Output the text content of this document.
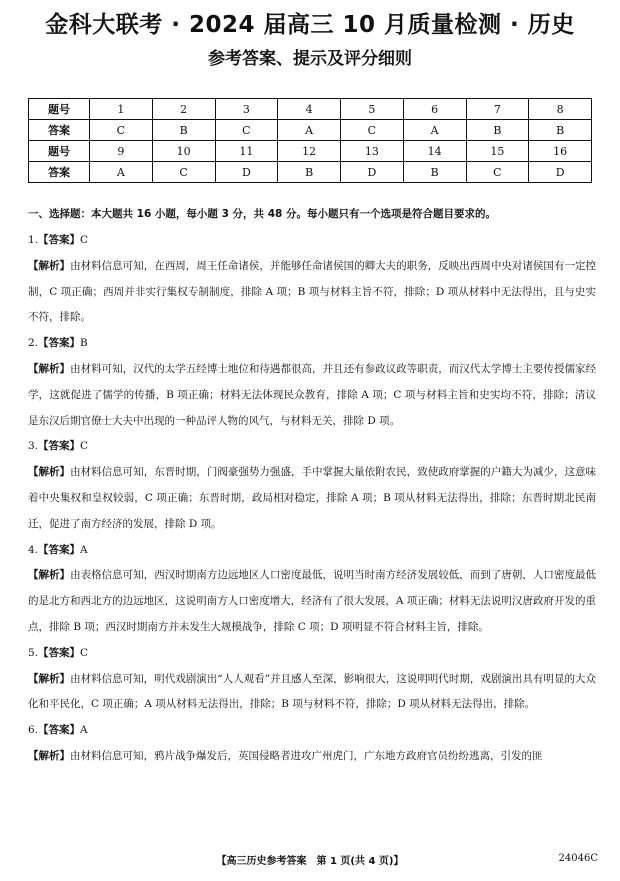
金科大联考 · 2024 届高三 10 月质量检测 · 历史
参考答案、提示及评分细则
题号	1	2	3	4	5	6	7	8
答案	C	B	C	A	C	A	B	B
题号	9	10	11	12	13	14	15	16
答案	A	C	D	B	D	B	C	D
一、选择题：本大题共 16 小题，每小题 3 分，共 48 分。每小题只有一个选项是符合题目要求的。
1.【答案】C
【解析】由材料信息可知，在西周，周王任命诸侯，并能够任命诸侯国的卿大夫的职务，反映出西周中央对诸侯国有一定控制，C 项正确；西周并非实行集权专制制度，排除 A 项；B 项与材料主旨不符，排除；D 项从材料中无法得出，且与史实不符，排除。
2.【答案】B
【解析】由材料可知，汉代的太学五经博士地位和待遇都很高，并且还有参政议政等职责，而汉代太学博士主要传授儒家经学，这就促进了儒学的传播，B 项正确；材料无法体现民众教育，排除 A 项；C 项与材料主旨和史实均不符，排除；清议是东汉后期官僚士大夫中出现的一种品评人物的风气，与材料无关，排除 D 项。
3.【答案】C
【解析】由材料信息可知，东晋时期，门阀豪强势力强盛，手中掌握大量依附农民，致使政府掌握的户籍大为减少，这意味着中央集权和皇权较弱，C 项正确；东晋时期，政局相对稳定，排除 A 项；B 项从材料无法得出，排除；东晋时期北民南迁，促进了南方经济的发展，排除 D 项。
4.【答案】A
【解析】由表格信息可知，西汉时期南方边远地区人口密度最低，说明当时南方经济发展较低，而到了唐朝，人口密度最低的是北方和西北方的边远地区，这说明南方人口密度增大，经济有了很大发展，A 项正确；材料无法说明汉唐政府开发的重点，排除 B 项；西汉时期南方并未发生大规模战争，排除 C 项；D 项明显不符合材料主旨，排除。
5.【答案】C
【解析】由材料信息可知，明代戏剧演出“人人观看”并且感人至深，影响很大，这说明明代时期，戏剧演出具有明显的大众化和平民化，C 项正确；A 项从材料无法得出，排除；B 项与材料不符，排除；D 项从材料无法得出，排除。
6.【答案】A
【解析】由材料信息可知，鸦片战争爆发后，英国侵略者进攻广州虎门，广东地方政府官员纷纷逃离，引发的匪
【高三历史参考答案　第 1 页(共 4 页)】	24046C
